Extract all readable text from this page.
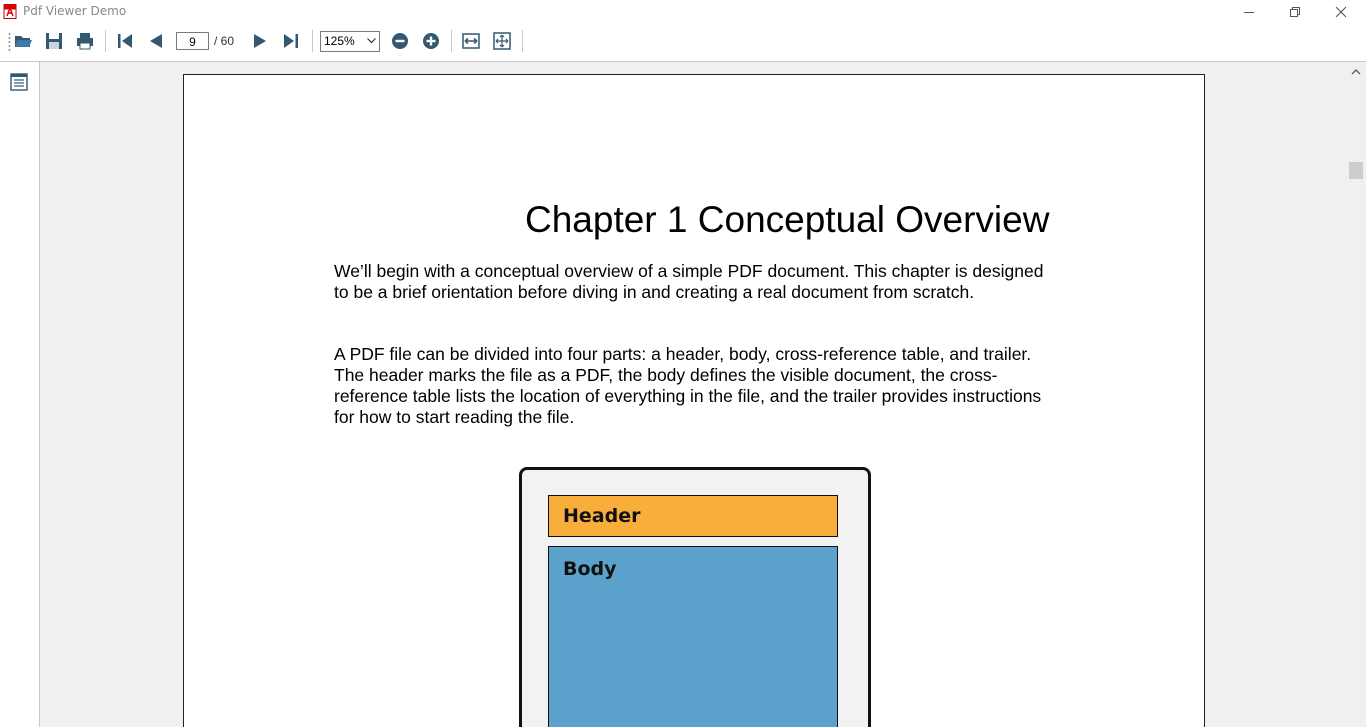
Pdf Viewer Demo
9	/ 60	125%
Chapter 1 Conceptual Overview

We’ll begin with a conceptual overview of a simple PDF document. This chapter is designed to be a brief orientation before diving in and creating a real document from scratch.

A PDF file can be divided into four parts: a header, body, cross-reference table, and trailer. The header marks the file as a PDF, the body defines the visible document, the cross-reference table lists the location of everything in the file, and the trailer provides instructions for how to start reading the file.

Header
Body
